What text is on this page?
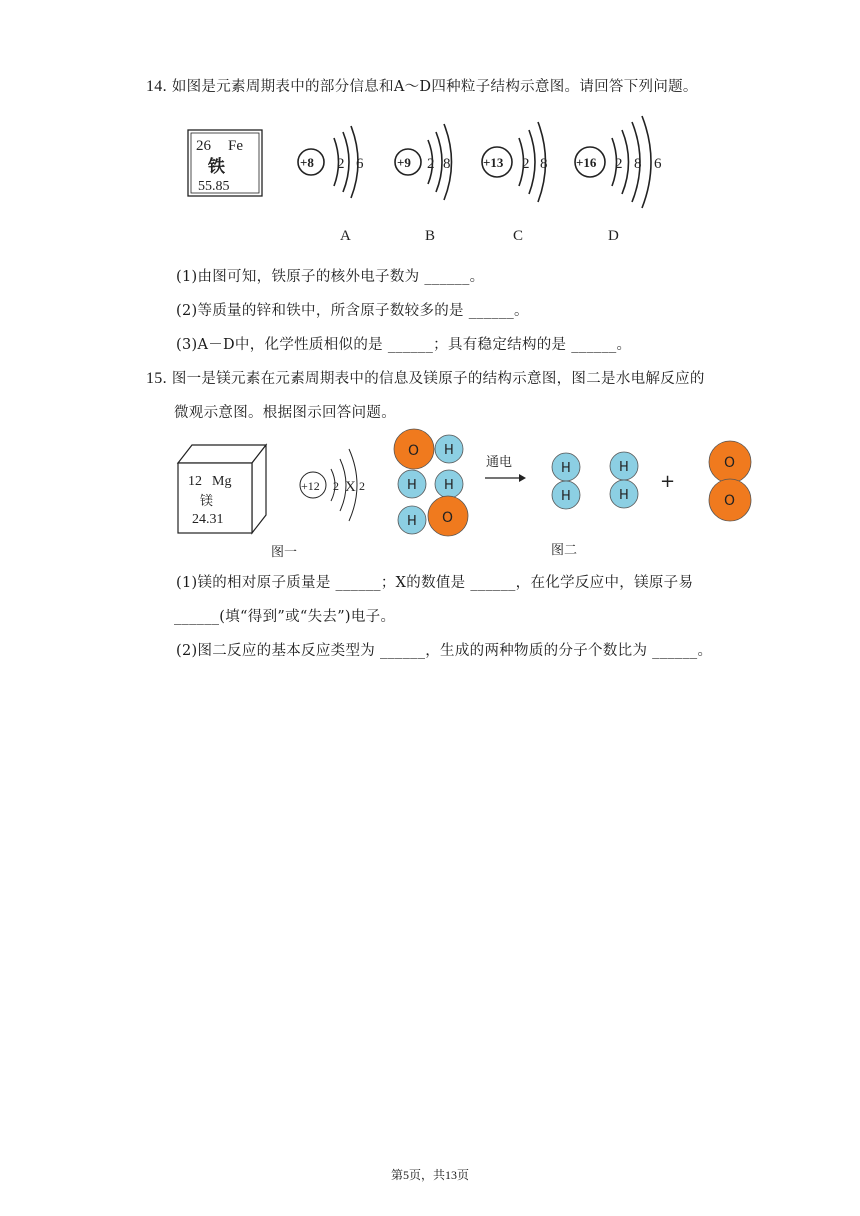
14. 如图是元素周期表中的部分信息和A～D四种粒子结构示意图。请回答下列问题。
26 Fe
铁
55.85
+8 2 6
A
+9 2 8
B
+13 2 8
C
+16 2 8 6
D
(1)由图可知，铁原子的核外电子数为 ______。
(2)等质量的锌和铁中，所含原子数较多的是 ______。
(3)A－D中，化学性质相似的是 ______；具有稳定结构的是 ______。
15. 图一是镁元素在元素周期表中的信息及镁原子的结构示意图，图二是水电解反应的
微观示意图。根据图示回答问题。
12 Mg
镁
24.31
+12 2 X 2
O H
H H
H O
通电	H
H
H
H
+
O
O
图一	图二
(1)镁的相对原子质量是 ______；X的数值是 ______，在化学反应中，镁原子易
______(填“得到”或“失去”)电子。
(2)图二反应的基本反应类型为 ______，生成的两种物质的分子个数比为 ______。
第5页，共13页
